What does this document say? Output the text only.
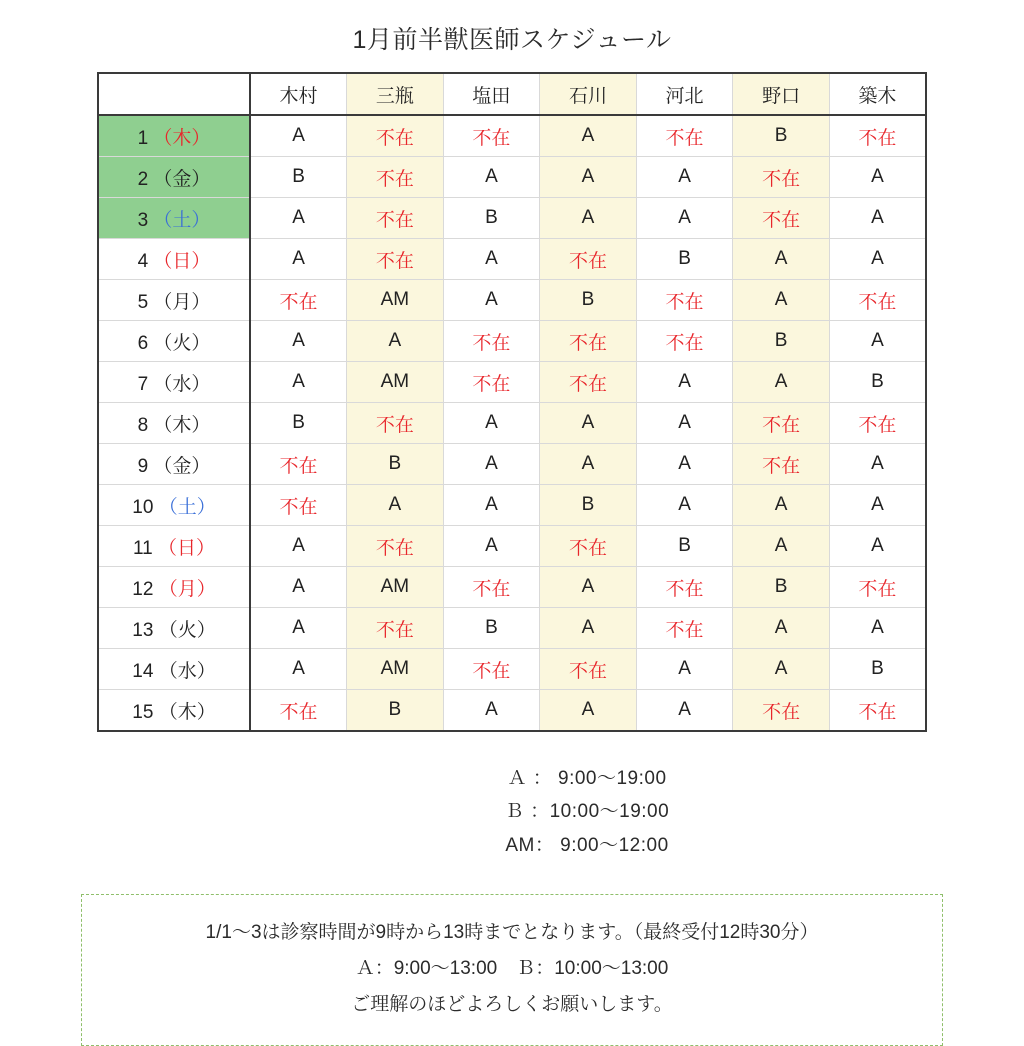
1月前半獣医師スケジュール
	木村	三瓶	塩田	石川	河北	野口	築木
1 （木）	A	不在	不在	A	不在	B	不在
2 （金）	B	不在	A	A	A	不在	A
3 （土）	A	不在	B	A	A	不在	A
4 （日）	A	不在	A	不在	B	A	A
5 （月）	不在	AM	A	B	不在	A	不在
6 （火）	A	A	不在	不在	不在	B	A
7 （水）	A	AM	不在	不在	A	A	B
8 （木）	B	不在	A	A	A	不在	不在
9 （金）	不在	B	A	A	A	不在	A
10 （土）	不在	A	A	B	A	A	A
11 （日）	A	不在	A	不在	B	A	A
12 （月）	A	AM	不在	A	不在	B	不在
13 （火）	A	不在	B	A	不在	A	A
14 （水）	A	AM	不在	不在	A	A	B
15 （木）	不在	B	A	A	A	不在	不在
Ａ ： 9:00〜19:00
Ｂ ：10:00〜19:00
AM： 9:00〜12:00
1/1〜3は診察時間が9時から13時までとなります。（最終受付12時30分）
Ａ：9:00〜13:00　Ｂ：10:00〜13:00
ご理解のほどよろしくお願いします。
